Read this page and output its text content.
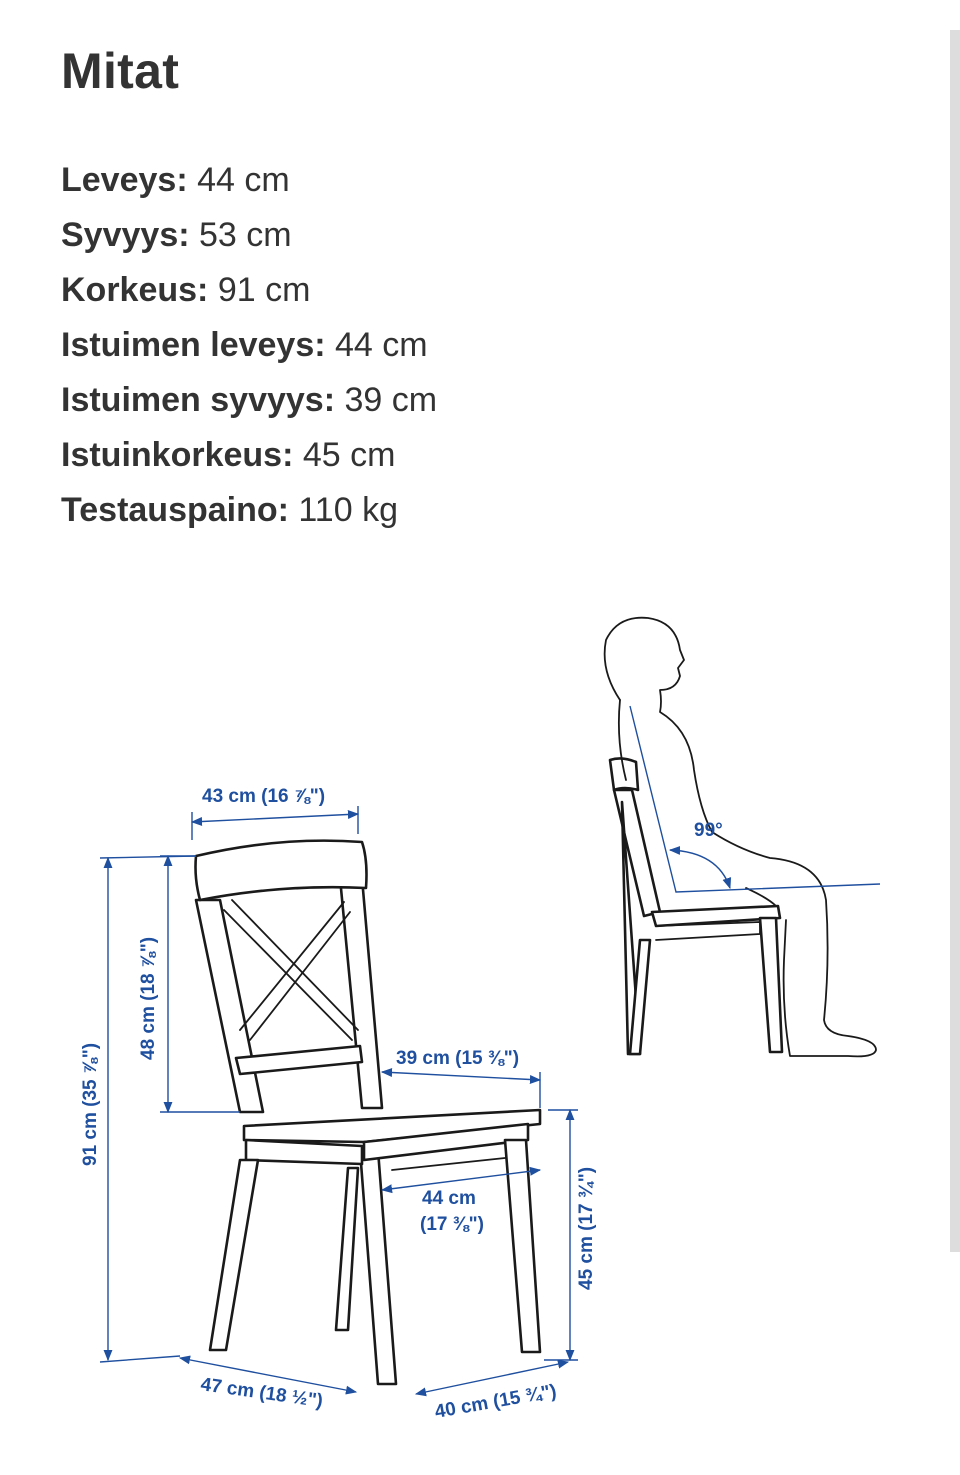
Mitat
Leveys: 44 cm
Syvyys: 53 cm
Korkeus: 91 cm
Istuimen leveys: 44 cm
Istuimen syvyys: 39 cm
Istuinkorkeus: 45 cm
Testauspaino: 110 kg
43 cm (16 ⅞")
48 cm (18 ⅞")
91 cm (35 ⅞")	39 cm (15 ⅜")
44 cm
(17 ⅜")	45 cm (17 ¾")
47 cm (18 ½")	40 cm (15 ¾")
99°
